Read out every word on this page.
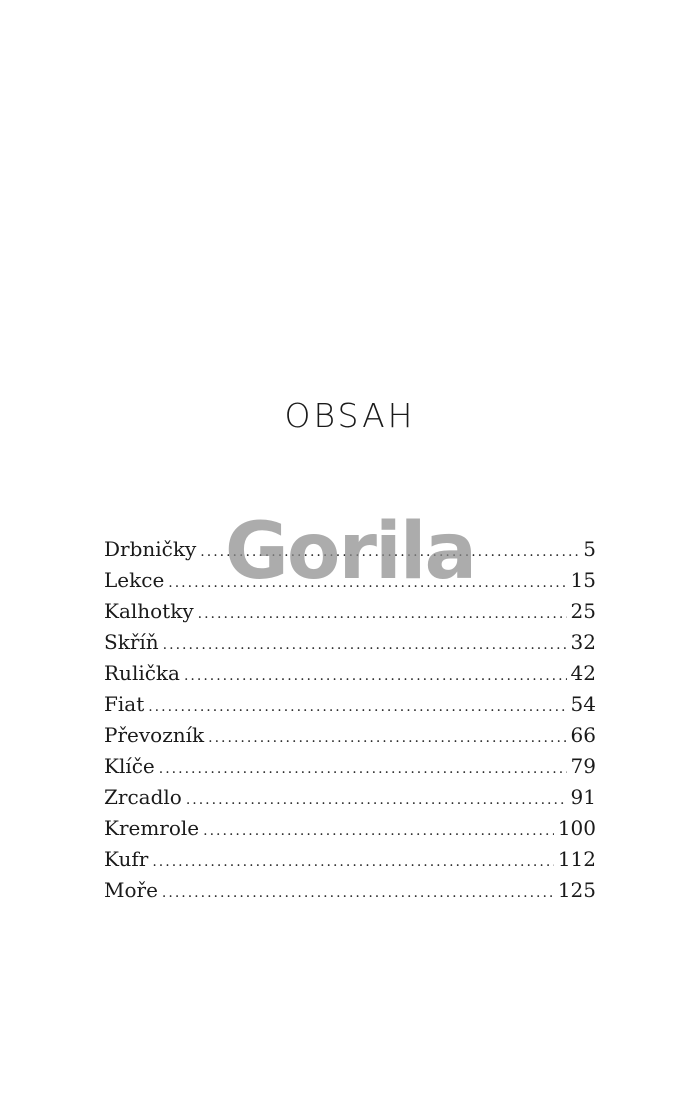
OBSAH
Drbničky .....	5
Lekce .....	15
Kalhotky .....	25
Skříň .....	32
Rulička .....	42
Fiat .....	54
Převozník .....	66
Klíče .....	79
Zrcadlo .....	91
Kremrole .....	100
Kufr .....	112
Moře .....	125
Gorila
